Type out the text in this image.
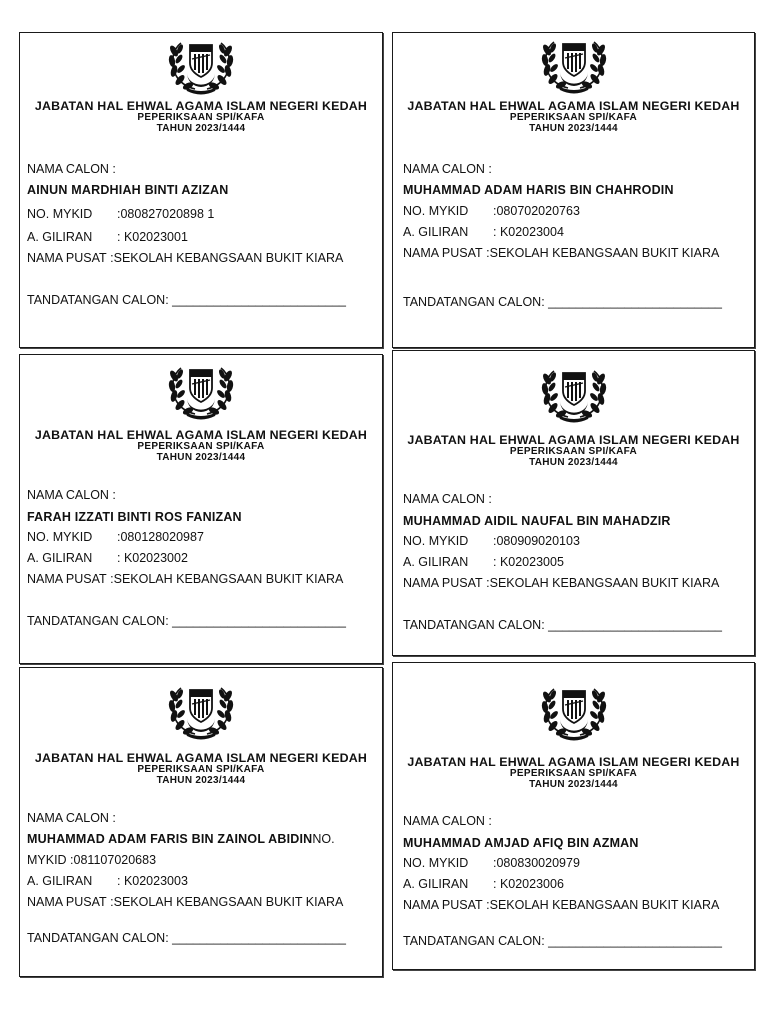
JABATAN HAL EHWAL AGAMA ISLAM NEGERI KEDAH
PEPERIKSAAN SPI/KAFA
TAHUN 2023/1444
NAMA CALON :
AINUN MARDHIAH BINTI AZIZAN
NO. MYKID :080827020898 1
A. GILIRAN : K02023001
NAMA PUSAT :SEKOLAH KEBANGSAAN BUKIT KIARA
TANDATANGAN CALON: _________________________
JABATAN HAL EHWAL AGAMA ISLAM NEGERI KEDAH
PEPERIKSAAN SPI/KAFA
TAHUN 2023/1444
NAMA CALON :
MUHAMMAD ADAM HARIS BIN CHAHRODIN
NO. MYKID :080702020763
A. GILIRAN : K02023004
NAMA PUSAT :SEKOLAH KEBANGSAAN BUKIT KIARA
TANDATANGAN CALON: _________________________
JABATAN HAL EHWAL AGAMA ISLAM NEGERI KEDAH
PEPERIKSAAN SPI/KAFA
TAHUN 2023/1444
NAMA CALON :
FARAH IZZATI BINTI ROS FANIZAN
NO. MYKID :080128020987
A. GILIRAN : K02023002
NAMA PUSAT :SEKOLAH KEBANGSAAN BUKIT KIARA
TANDATANGAN CALON: _________________________
JABATAN HAL EHWAL AGAMA ISLAM NEGERI KEDAH
PEPERIKSAAN SPI/KAFA
TAHUN 2023/1444
NAMA CALON :
MUHAMMAD AIDIL NAUFAL BIN MAHADZIR
NO. MYKID :080909020103
A. GILIRAN : K02023005
NAMA PUSAT :SEKOLAH KEBANGSAAN BUKIT KIARA
TANDATANGAN CALON: _________________________
JABATAN HAL EHWAL AGAMA ISLAM NEGERI KEDAH
PEPERIKSAAN SPI/KAFA
TAHUN 2023/1444
NAMA CALON :
MUHAMMAD ADAM FARIS BIN ZAINOL ABIDINNO.
MYKID :081107020683
A. GILIRAN : K02023003
NAMA PUSAT :SEKOLAH KEBANGSAAN BUKIT KIARA
TANDATANGAN CALON: _________________________
JABATAN HAL EHWAL AGAMA ISLAM NEGERI KEDAH
PEPERIKSAAN SPI/KAFA
TAHUN 2023/1444
NAMA CALON :
MUHAMMAD AMJAD AFIQ BIN AZMAN
NO. MYKID :080830020979
A. GILIRAN : K02023006
NAMA PUSAT :SEKOLAH KEBANGSAAN BUKIT KIARA
TANDATANGAN CALON: _________________________
